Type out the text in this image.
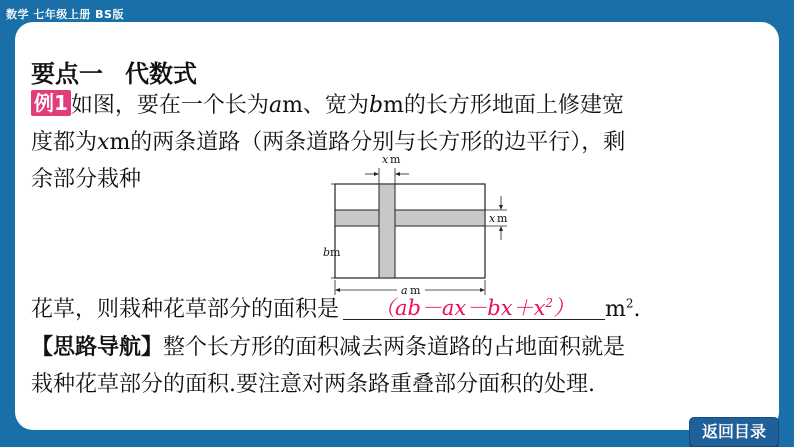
数学 七年级上册 BS版
要点一 代数式
例1 如图，要在一个长为am、宽为bm的长方形地面上修建宽
度都为xm的两条道路（两条道路分别与长方形的边平行），剩
余部分栽种
x m
x m
b m
a m
花草，则栽种花草部分的面积是	$(ab-ax-bx+x^2)$	$m^2$.
【思路导航】整个长方形的面积减去两条道路的占地面积就是
栽种花草部分的面积.要注意对两条路重叠部分面积的处理.
返回目录
